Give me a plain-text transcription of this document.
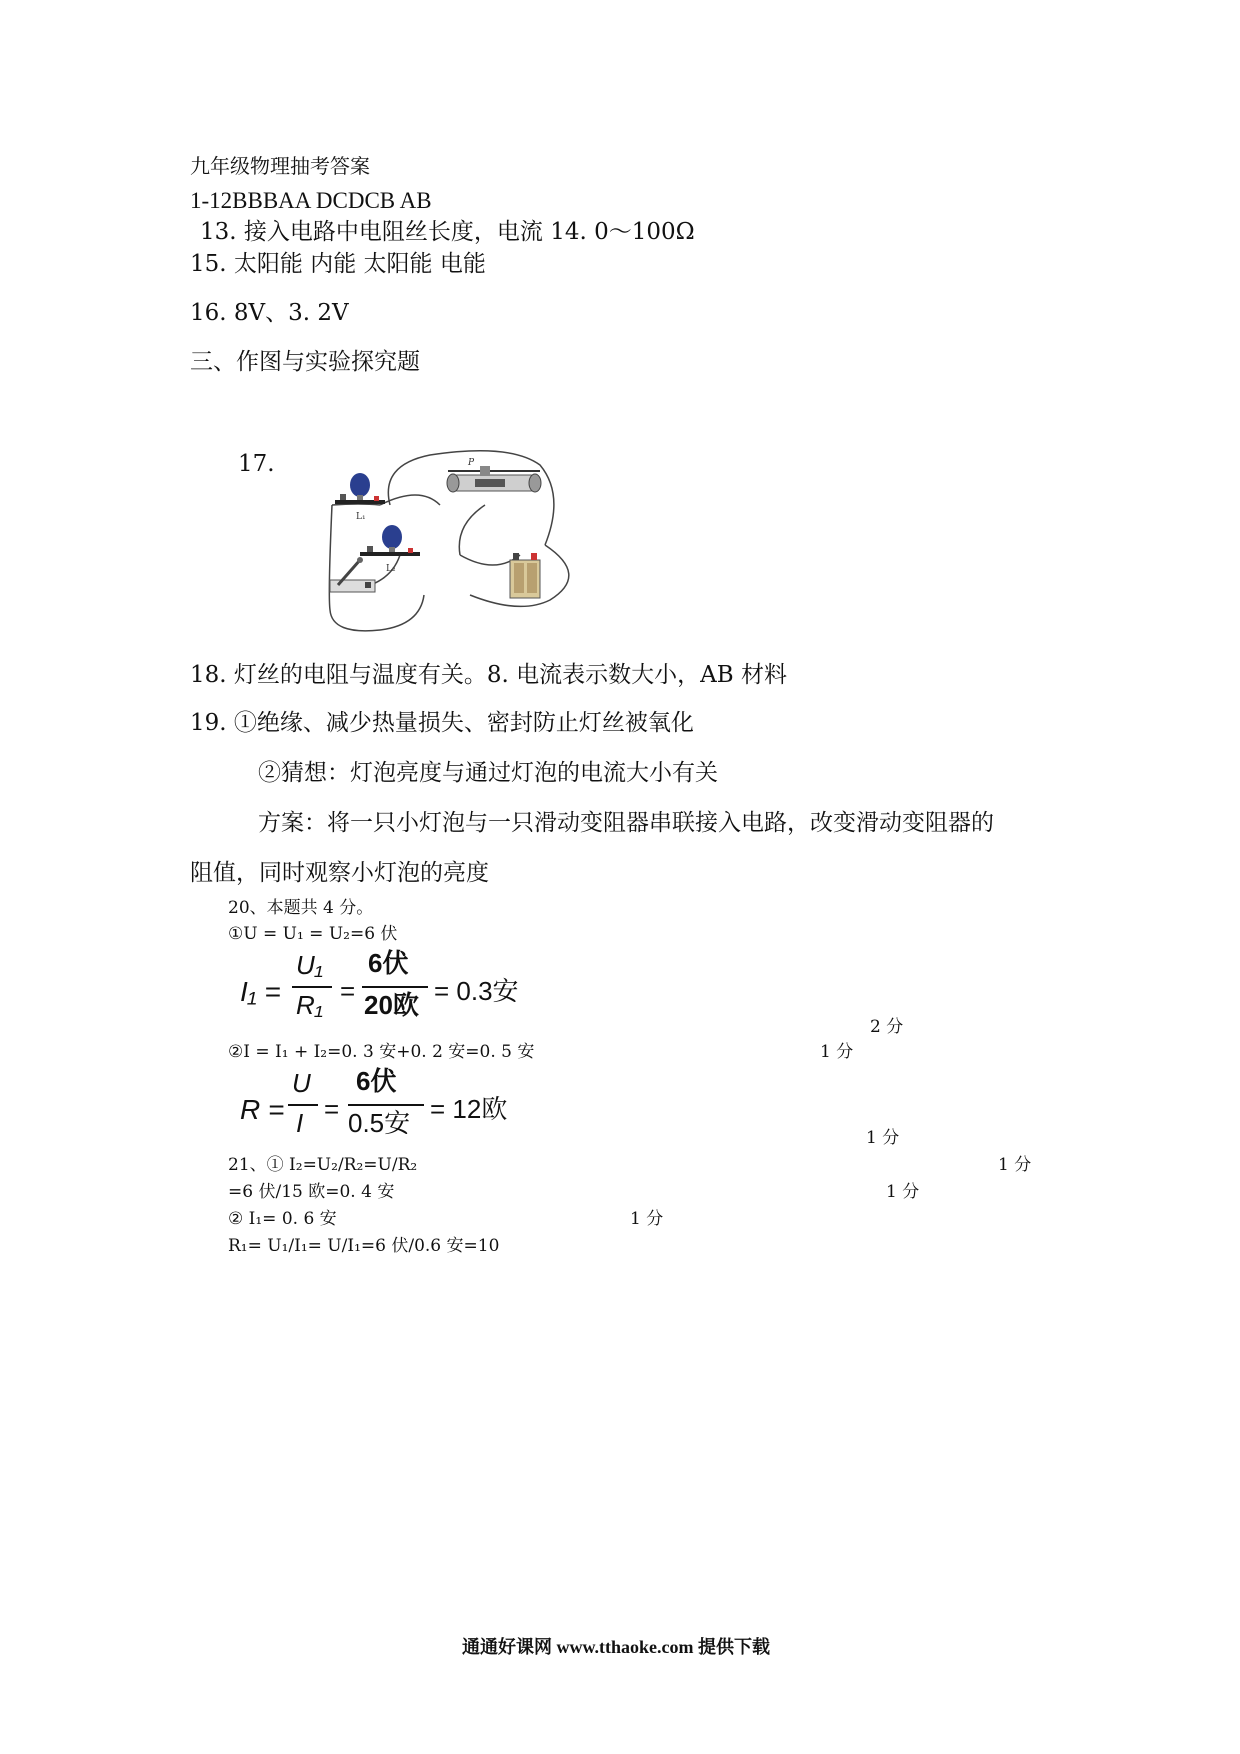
九年级物理抽考答案
1-12BBBAA DCDCB AB
13. 接入电路中电阻丝长度，电流 14. 0～100Ω
15. 太阳能 内能 太阳能 电能
16. 8V、3. 2V
三、作图与实验探究题
17.
L₁
L₂
P
18. 灯丝的电阻与温度有关。8. 电流表示数大小，AB 材料
19. ①绝缘、减少热量损失、密封防止灯丝被氧化
②猜想：灯泡亮度与通过灯泡的电流大小有关
方案：将一只小灯泡与一只滑动变阻器串联接入电路，改变滑动变阻器的
阻值，同时观察小灯泡的亮度
20、本题共 4 分。
①U = U₁ = U₂=6 伏
I₁ =
U₁
R₁ =
6伏
20欧 = 0.3安
2 分
②I = I₁ + I₂=0. 3 安+0. 2 安=0. 5 安	1 分
R =
U
I =
6伏
0.5安 = 12欧
1 分
21、① I₂=U₂/R₂=U/R₂	1 分
=6 伏/15 欧=0. 4 安	1 分
② I₁= 0. 6 安	1 分
R₁= U₁/I₁= U/I₁=6 伏/0.6 安=10
通通好课网 www.tthaoke.com 提供下载
